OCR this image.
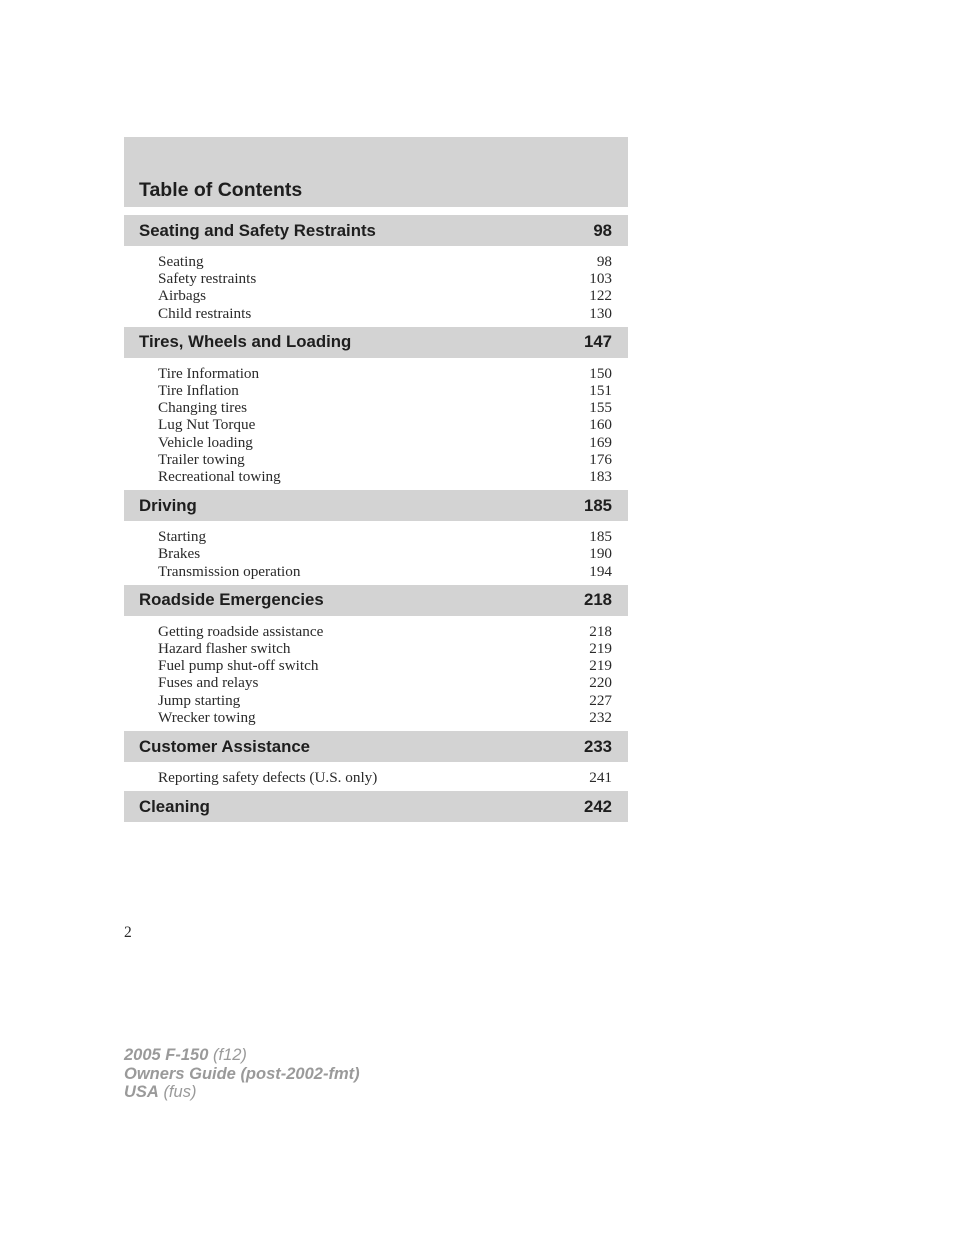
Table of Contents
Seating and Safety Restraints	98
Seating	98
Safety restraints	103
Airbags	122
Child restraints	130
Tires, Wheels and Loading	147
Tire Information	150
Tire Inflation	151
Changing tires	155
Lug Nut Torque	160
Vehicle loading	169
Trailer towing	176
Recreational towing	183
Driving	185
Starting	185
Brakes	190
Transmission operation	194
Roadside Emergencies	218
Getting roadside assistance	218
Hazard flasher switch	219
Fuel pump shut-off switch	219
Fuses and relays	220
Jump starting	227
Wrecker towing	232
Customer Assistance	233
Reporting safety defects (U.S. only)	241
Cleaning	242
2
2005 F-150 (f12)
Owners Guide (post-2002-fmt)
USA (fus)
